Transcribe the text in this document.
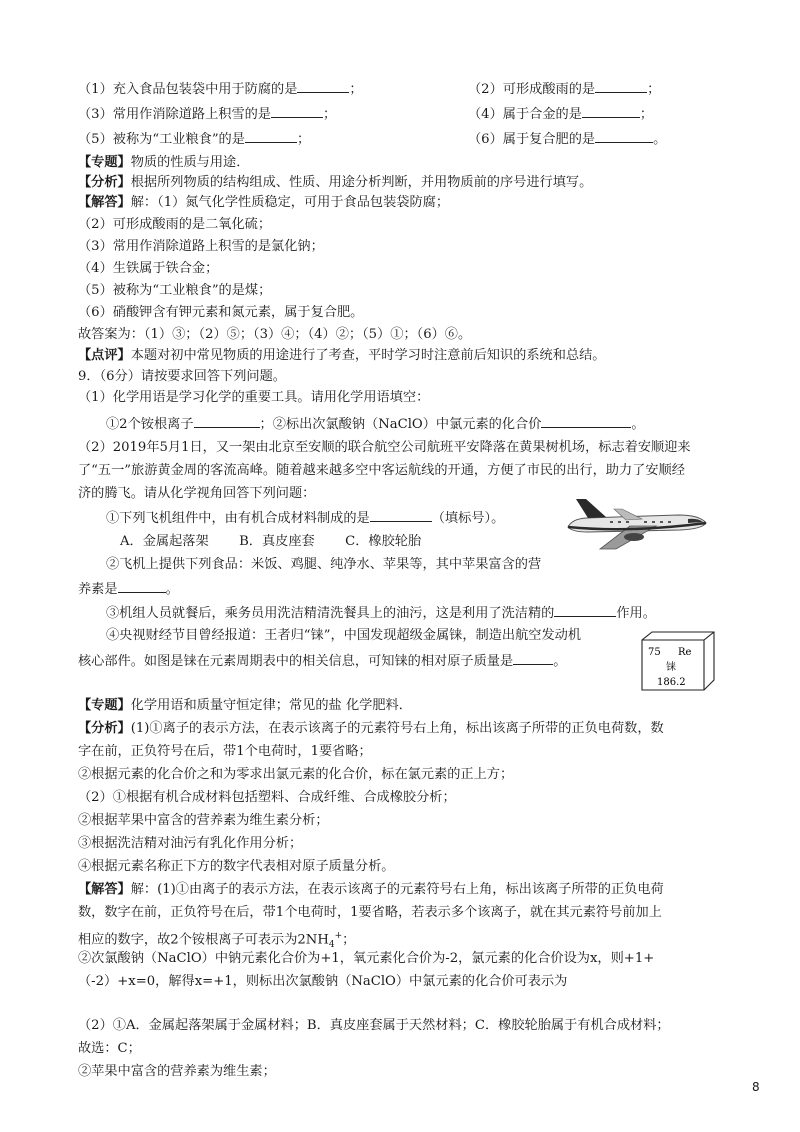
（1）充入食品包装袋中用于防腐的是	；	（2）可形成酸雨的是	；
（3）常用作消除道路上积雪的是	；	（4）属于合金的是	；
（5）被称为“工业粮食”的是	；	（6）属于复合肥的是	。
【专题】物质的性质与用途．
【分析】根据所列物质的结构组成、性质、用途分析判断，并用物质前的序号进行填写。
【解答】解：（1）氮气化学性质稳定，可用于食品包装袋防腐；
（2）可形成酸雨的是二氧化硫；
（3）常用作消除道路上积雪的是氯化钠；
（4）生铁属于铁合金；
（5）被称为“工业粮食”的是煤；
（6）硝酸钾含有钾元素和氮元素，属于复合肥。
故答案为：（1）③；（2）⑤；（3）④；（4）②；（5）①；（6）⑥。
【点评】本题对初中常见物质的用途进行了考查，平时学习时注意前后知识的系统和总结。
9．（6分）请按要求回答下列问题。
（1）化学用语是学习化学的重要工具。请用化学用语填空：
①2个铵根离子	；②标出次氯酸钠（NaClO）中氯元素的化合价	。
（2）2019年5月1日，又一架由北京至安顺的联合航空公司航班平安降落在黄果树机场，标志着安顺迎来
了“五一”旅游黄金周的客流高峰。随着越来越多空中客运航线的开通，方便了市民的出行，助力了安顺经
济的腾飞。请从化学视角回答下列问题：
①下列飞机组件中，由有机合成材料制成的是	（填标号）。
A．金属起落架 B．真皮座套 C．橡胶轮胎
②飞机上提供下列食品：米饭、鸡腿、纯净水、苹果等，其中苹果富含的营
养素是	。
③机组人员就餐后，乘务员用洗洁精清洗餐具上的油污，这是利用了洗洁精的	作用。
④央视财经节目曾经报道：王者归“铼”，中国发现超级金属铼，制造出航空发动机
核心部件。如图是铼在元素周期表中的相关信息，可知铼的相对原子质量是	。
75 Re
铼
186.2
【专题】化学用语和质量守恒定律；常见的盐 化学肥料．
【分析】(1)①离子的表示方法，在表示该离子的元素符号右上角，标出该离子所带的正负电荷数，数
字在前，正负符号在后，带1个电荷时，1要省略；
②根据元素的化合价之和为零求出氯元素的化合价，标在氯元素的正上方；
（2）①根据有机合成材料包括塑料、合成纤维、合成橡胶分析；
②根据苹果中富含的营养素为维生素分析；
③根据洗洁精对油污有乳化作用分析；
④根据元素名称正下方的数字代表相对原子质量分析。
【解答】解：(1)①由离子的表示方法，在表示该离子的元素符号右上角，标出该离子所带的正负电荷
数，数字在前，正负符号在后，带1个电荷时，1要省略，若表示多个该离子，就在其元素符号前加上
相应的数字，故2个铵根离子可表示为$2NH_4^+$；
②次氯酸钠（NaClO）中钠元素化合价为+1，氧元素化合价为-2，氯元素的化合价设为x，则+1+
（-2）+x=0，解得x=+1，则标出次氯酸钠（NaClO）中氯元素的化合价可表示为
（2）①A．金属起落架属于金属材料；B．真皮座套属于天然材料；C．橡胶轮胎属于有机合成材料；
故选：C；
②苹果中富含的营养素为维生素；
8
